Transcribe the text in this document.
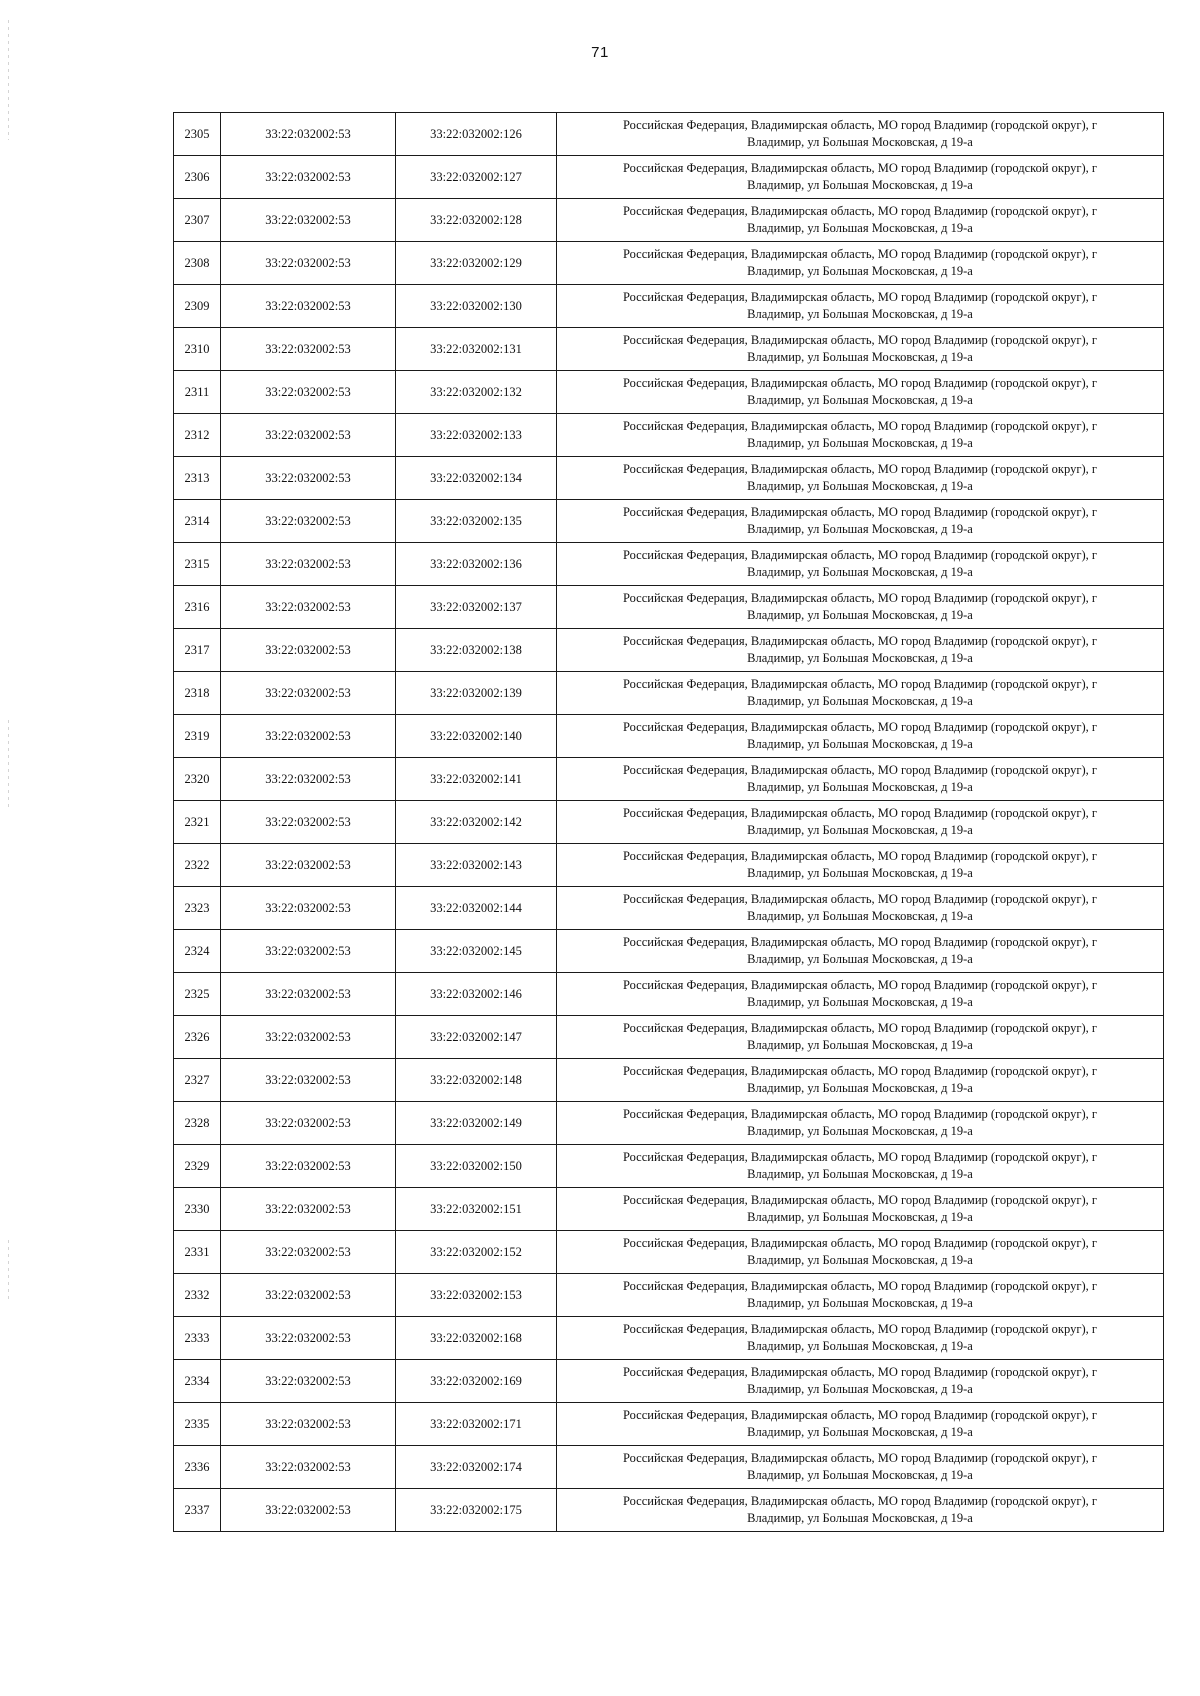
71
2305	33:22:032002:53	33:22:032002:126	Российская Федерация, Владимирская область, МО город Владимир (городской округ), г
Владимир, ул Большая Московская, д 19-а

2306	33:22:032002:53	33:22:032002:127	Российская Федерация, Владимирская область, МО город Владимир (городской округ), г
Владимир, ул Большая Московская, д 19-а

2307	33:22:032002:53	33:22:032002:128	Российская Федерация, Владимирская область, МО город Владимир (городской округ), г
Владимир, ул Большая Московская, д 19-а

2308	33:22:032002:53	33:22:032002:129	Российская Федерация, Владимирская область, МО город Владимир (городской округ), г
Владимир, ул Большая Московская, д 19-а

2309	33:22:032002:53	33:22:032002:130	Российская Федерация, Владимирская область, МО город Владимир (городской округ), г
Владимир, ул Большая Московская, д 19-а

2310	33:22:032002:53	33:22:032002:131	Российская Федерация, Владимирская область, МО город Владимир (городской округ), г
Владимир, ул Большая Московская, д 19-а

2311	33:22:032002:53	33:22:032002:132	Российская Федерация, Владимирская область, МО город Владимир (городской округ), г
Владимир, ул Большая Московская, д 19-а

2312	33:22:032002:53	33:22:032002:133	Российская Федерация, Владимирская область, МО город Владимир (городской округ), г
Владимир, ул Большая Московская, д 19-а

2313	33:22:032002:53	33:22:032002:134	Российская Федерация, Владимирская область, МО город Владимир (городской округ), г
Владимир, ул Большая Московская, д 19-а

2314	33:22:032002:53	33:22:032002:135	Российская Федерация, Владимирская область, МО город Владимир (городской округ), г
Владимир, ул Большая Московская, д 19-а

2315	33:22:032002:53	33:22:032002:136	Российская Федерация, Владимирская область, МО город Владимир (городской округ), г
Владимир, ул Большая Московская, д 19-а

2316	33:22:032002:53	33:22:032002:137	Российская Федерация, Владимирская область, МО город Владимир (городской округ), г
Владимир, ул Большая Московская, д 19-а

2317	33:22:032002:53	33:22:032002:138	Российская Федерация, Владимирская область, МО город Владимир (городской округ), г
Владимир, ул Большая Московская, д 19-а

2318	33:22:032002:53	33:22:032002:139	Российская Федерация, Владимирская область, МО город Владимир (городской округ), г
Владимир, ул Большая Московская, д 19-а

2319	33:22:032002:53	33:22:032002:140	Российская Федерация, Владимирская область, МО город Владимир (городской округ), г
Владимир, ул Большая Московская, д 19-а

2320	33:22:032002:53	33:22:032002:141	Российская Федерация, Владимирская область, МО город Владимир (городской округ), г
Владимир, ул Большая Московская, д 19-а

2321	33:22:032002:53	33:22:032002:142	Российская Федерация, Владимирская область, МО город Владимир (городской округ), г
Владимир, ул Большая Московская, д 19-а

2322	33:22:032002:53	33:22:032002:143	Российская Федерация, Владимирская область, МО город Владимир (городской округ), г
Владимир, ул Большая Московская, д 19-а

2323	33:22:032002:53	33:22:032002:144	Российская Федерация, Владимирская область, МО город Владимир (городской округ), г
Владимир, ул Большая Московская, д 19-а

2324	33:22:032002:53	33:22:032002:145	Российская Федерация, Владимирская область, МО город Владимир (городской округ), г
Владимир, ул Большая Московская, д 19-а

2325	33:22:032002:53	33:22:032002:146	Российская Федерация, Владимирская область, МО город Владимир (городской округ), г
Владимир, ул Большая Московская, д 19-а

2326	33:22:032002:53	33:22:032002:147	Российская Федерация, Владимирская область, МО город Владимир (городской округ), г
Владимир, ул Большая Московская, д 19-а

2327	33:22:032002:53	33:22:032002:148	Российская Федерация, Владимирская область, МО город Владимир (городской округ), г
Владимир, ул Большая Московская, д 19-а

2328	33:22:032002:53	33:22:032002:149	Российская Федерация, Владимирская область, МО город Владимир (городской округ), г
Владимир, ул Большая Московская, д 19-а

2329	33:22:032002:53	33:22:032002:150	Российская Федерация, Владимирская область, МО город Владимир (городской округ), г
Владимир, ул Большая Московская, д 19-а

2330	33:22:032002:53	33:22:032002:151	Российская Федерация, Владимирская область, МО город Владимир (городской округ), г
Владимир, ул Большая Московская, д 19-а

2331	33:22:032002:53	33:22:032002:152	Российская Федерация, Владимирская область, МО город Владимир (городской округ), г
Владимир, ул Большая Московская, д 19-а

2332	33:22:032002:53	33:22:032002:153	Российская Федерация, Владимирская область, МО город Владимир (городской округ), г
Владимир, ул Большая Московская, д 19-а

2333	33:22:032002:53	33:22:032002:168	Российская Федерация, Владимирская область, МО город Владимир (городской округ), г
Владимир, ул Большая Московская, д 19-а

2334	33:22:032002:53	33:22:032002:169	Российская Федерация, Владимирская область, МО город Владимир (городской округ), г
Владимир, ул Большая Московская, д 19-а

2335	33:22:032002:53	33:22:032002:171	Российская Федерация, Владимирская область, МО город Владимир (городской округ), г
Владимир, ул Большая Московская, д 19-а

2336	33:22:032002:53	33:22:032002:174	Российская Федерация, Владимирская область, МО город Владимир (городской округ), г
Владимир, ул Большая Московская, д 19-а

2337	33:22:032002:53	33:22:032002:175	Российская Федерация, Владимирская область, МО город Владимир (городской округ), г
Владимир, ул Большая Московская, д 19-а
